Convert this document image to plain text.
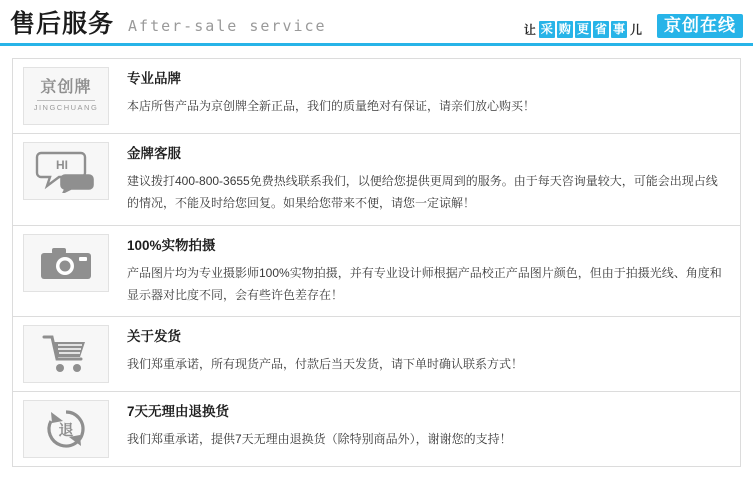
售后服务 After-sale service	让 采 购 更 省 事 儿	京创在线
京创牌
JINGCHUANG
专业品牌

本店所售产品为京创牌全新正品，我们的质量绝对有保证，请亲们放心购买！

HI
金牌客服

建议拨打400-800-3655免费热线联系我们，以便给您提供更周到的服务。由于每天咨询量较大，可能会出现占线的情况，不能及时给您回复。如果给您带来不便，请您一定谅解！

100%实物拍摄

产品图片均为专业摄影师100%实物拍摄，并有专业设计师根据产品校正产品图片颜色，但由于拍摄光线、角度和显示器对比度不同，会有些许色差存在！

关于发货

我们郑重承诺，所有现货产品，付款后当天发货，请下单时确认联系方式！

退
7天无理由退换货

我们郑重承诺，提供7天无理由退换货（除特别商品外），谢谢您的支持！
